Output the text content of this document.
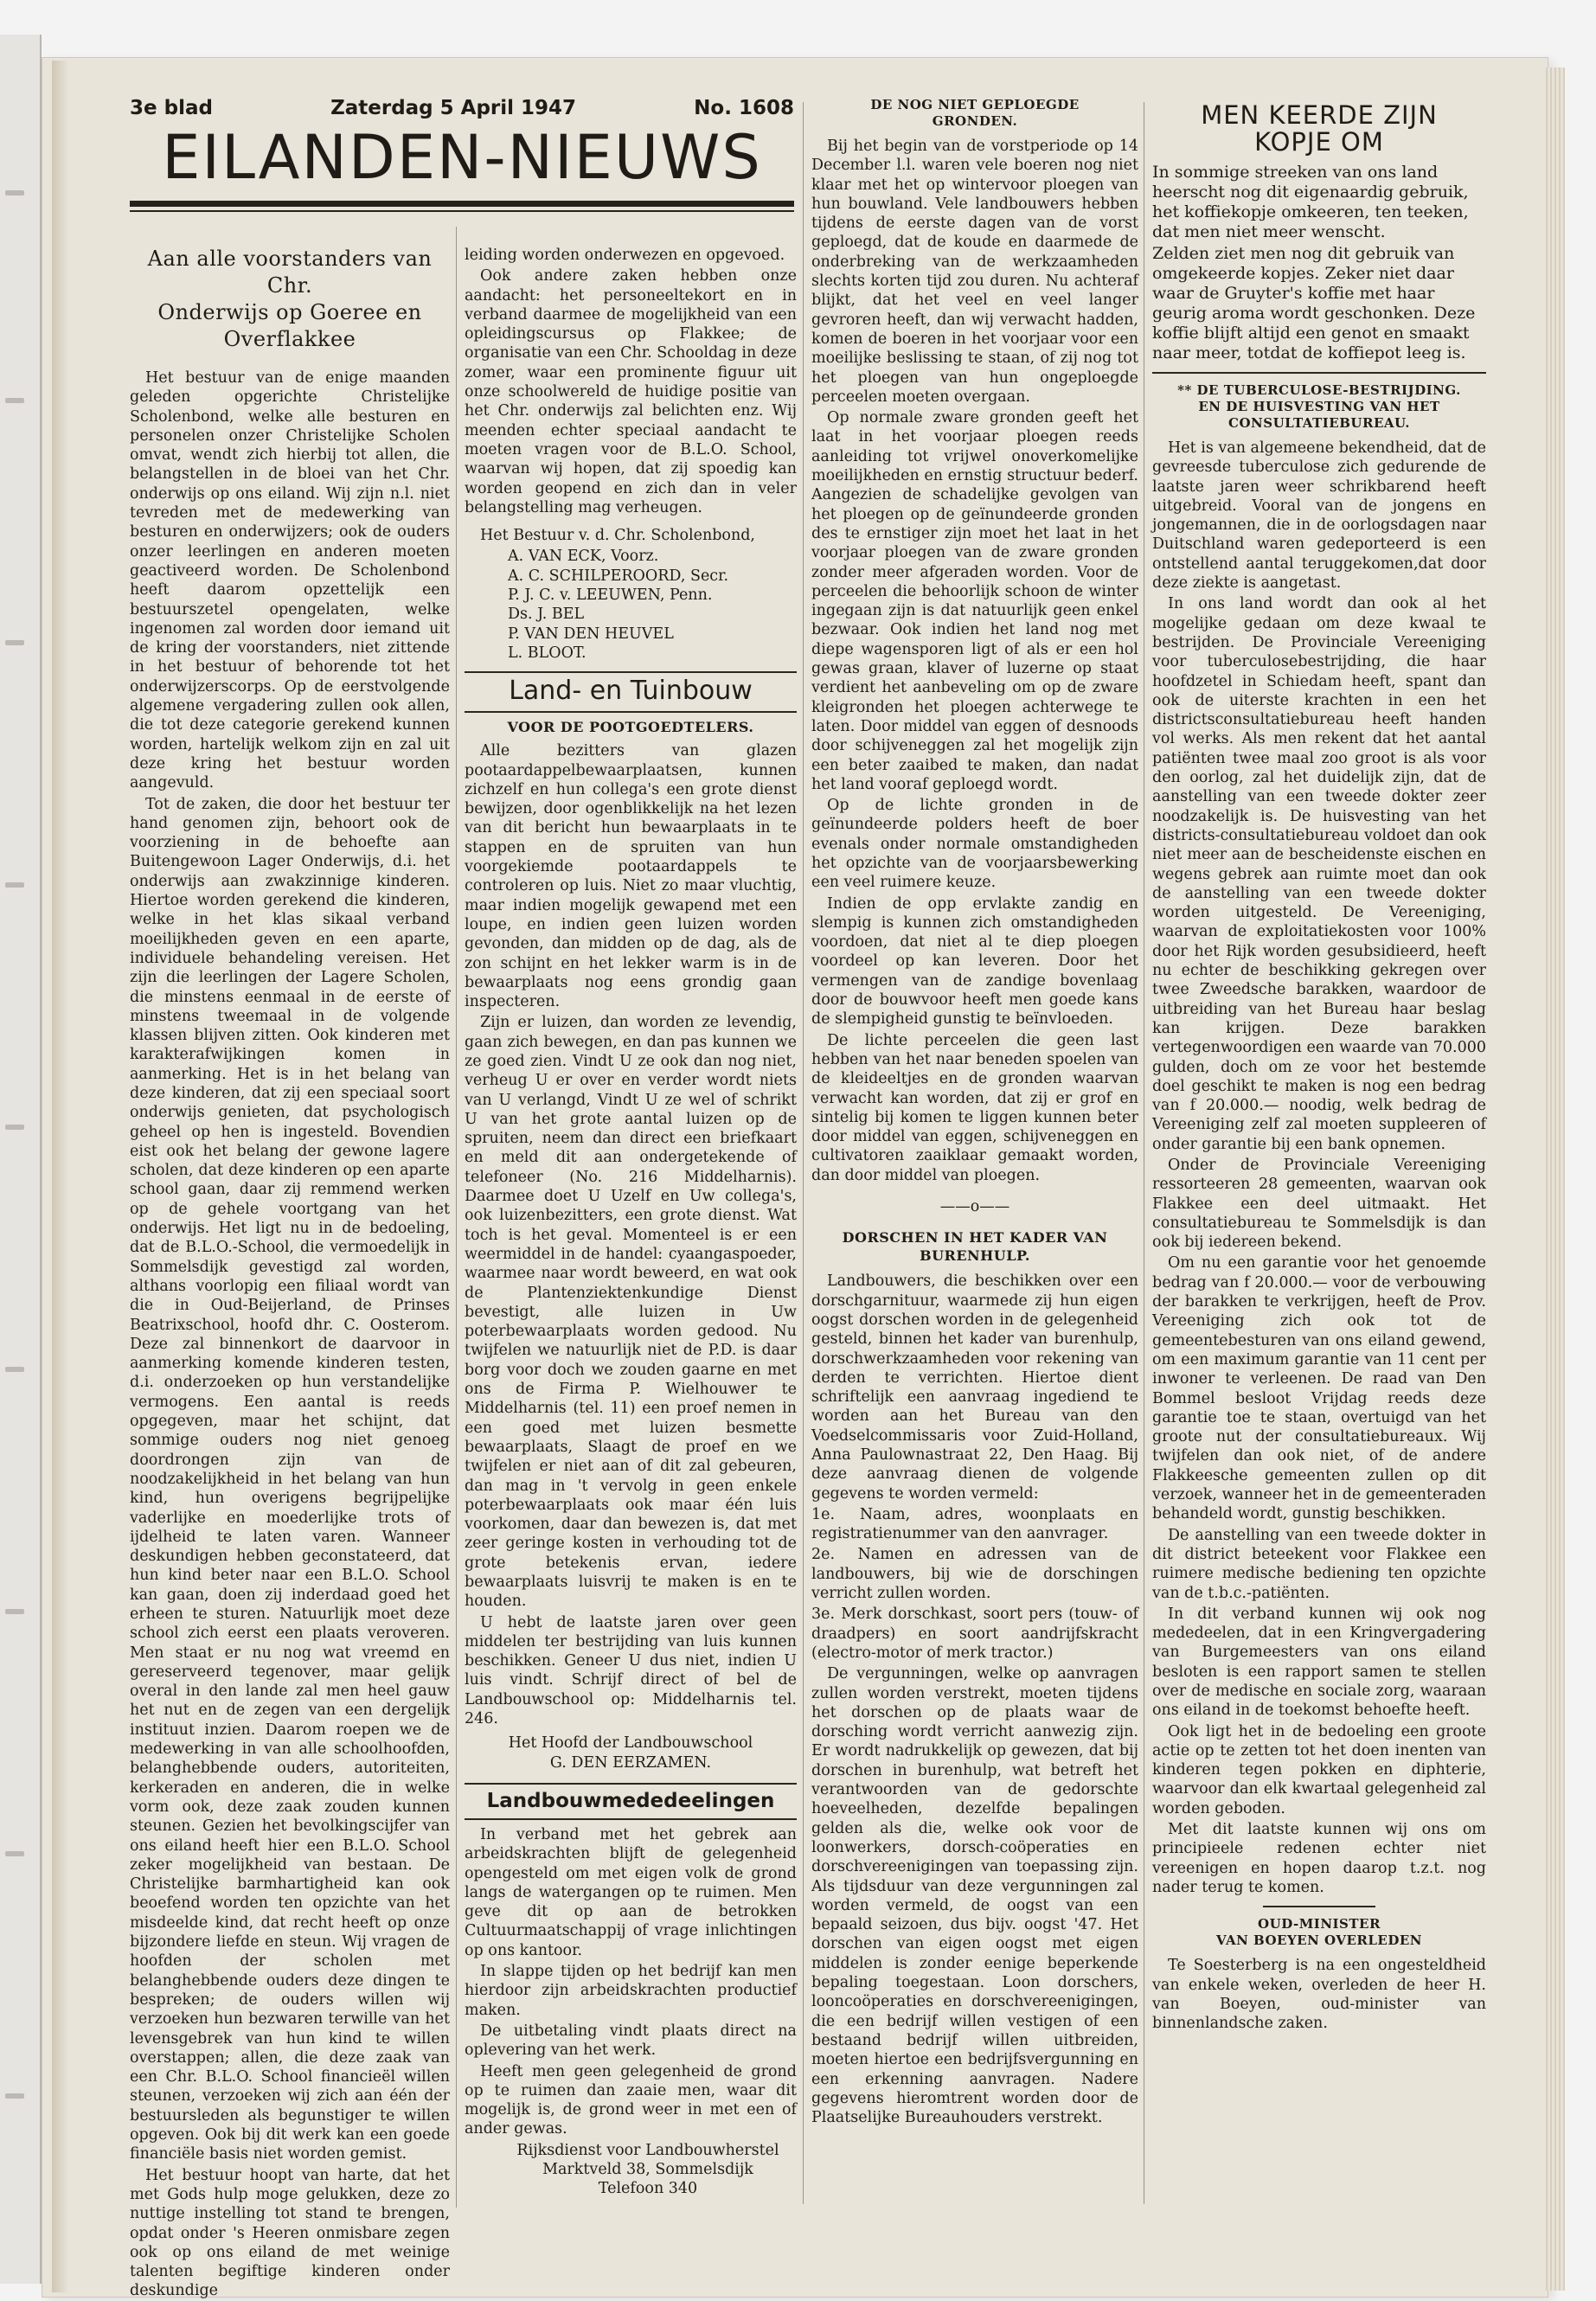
3e blad	Zaterdag 5 April 1947	No. 1608
EILANDEN-NIEUWS
Aan alle voorstanders van Chr.
Onderwijs op Goeree en
Overflakkee

Het bestuur van de enige maanden geleden opgerichte Christelijke Scholenbond, welke alle besturen en personelen onzer Christelijke Scholen omvat, wendt zich hierbij tot allen, die belangstellen in de bloei van het Chr. onderwijs op ons eiland. Wij zijn n.l. niet tevreden met de medewerking van besturen en onderwijzers; ook de ouders onzer leerlingen en anderen moeten geactiveerd worden. De Scholenbond heeft daarom opzettelijk een bestuurszetel opengelaten, welke ingenomen zal worden door iemand uit de kring der voorstanders, niet zittende in het bestuur of behorende tot het onderwijzerscorps. Op de eerstvolgende algemene vergadering zullen ook allen, die tot deze categorie gerekend kunnen worden, hartelijk welkom zijn en zal uit deze kring het bestuur worden aangevuld.

Tot de zaken, die door het bestuur ter hand genomen zijn, behoort ook de voorziening in de behoefte aan Buitengewoon Lager Onderwijs, d.i. het onderwijs aan zwakzinnige kinderen. Hiertoe worden gerekend die kinderen, welke in het klas sikaal verband moeilijkheden geven en een aparte, individuele behandeling vereisen. Het zijn die leerlingen der Lagere Scholen, die minstens eenmaal in de eerste of minstens tweemaal in de volgende klassen blijven zitten. Ook kinderen met karakterafwijkingen komen in aanmerking. Het is in het belang van deze kinderen, dat zij een speciaal soort onderwijs genieten, dat psychologisch geheel op hen is ingesteld. Bovendien eist ook het belang der gewone lagere scholen, dat deze kinderen op een aparte school gaan, daar zij remmend werken op de gehele voortgang van het onderwijs. Het ligt nu in de bedoeling, dat de B.L.O.-School, die vermoedelijk in Sommelsdijk gevestigd zal worden, althans voorlopig een filiaal wordt van die in Oud-Beijerland, de Prinses Beatrixschool, hoofd dhr. C. Oosterom. Deze zal binnenkort de daarvoor in aanmerking komende kinderen testen, d.i. onderzoeken op hun verstandelijke vermogens. Een aantal is reeds opgegeven, maar het schijnt, dat sommige ouders nog niet genoeg doordrongen zijn van de noodzakelijkheid in het belang van hun kind, hun overigens begrijpelijke vaderlijke en moederlijke trots of ijdelheid te laten varen. Wanneer deskundigen hebben geconstateerd, dat hun kind beter naar een B.L.O. School kan gaan, doen zij inderdaad goed het erheen te sturen. Natuurlijk moet deze school zich eerst een plaats veroveren. Men staat er nu nog wat vreemd en gereserveerd tegenover, maar gelijk overal in den lande zal men heel gauw het nut en de zegen van een dergelijk instituut inzien. Daarom roepen we de medewerking in van alle schoolhoofden, belanghebbende ouders, autoriteiten, kerkeraden en anderen, die in welke vorm ook, deze zaak zouden kunnen steunen. Gezien het bevolkingscijfer van ons eiland heeft hier een B.L.O. School zeker mogelijkheid van bestaan. De Christelijke barmhartigheid kan ook beoefend worden ten opzichte van het misdeelde kind, dat recht heeft op onze bijzondere liefde en steun. Wij vragen de hoofden der scholen met belanghebbende ouders deze dingen te bespreken; de ouders willen wij verzoeken hun bezwaren terwille van het levensgebrek van hun kind te willen overstappen; allen, die deze zaak van een Chr. B.L.O. School financieël willen steunen, verzoeken wij zich aan één der bestuursleden als begunstiger te willen opgeven. Ook bij dit werk kan een goede financiële basis niet worden gemist.

Het bestuur hoopt van harte, dat het met Gods hulp moge gelukken, deze zo nuttige instelling tot stand te brengen, opdat onder 's Heeren onmisbare zegen ook op ons eiland de met weinige talenten begiftige kinderen onder deskundige

leiding worden onderwezen en opgevoed.

Ook andere zaken hebben onze aandacht: het personeeltekort en in verband daarmee de mogelijkheid van een opleidingscursus op Flakkee; de organisatie van een Chr. Schooldag in deze zomer, waar een prominente figuur uit onze schoolwereld de huidige positie van het Chr. onderwijs zal belichten enz. Wij meenden echter speciaal aandacht te moeten vragen voor de B.L.O. School, waarvan wij hopen, dat zij spoedig kan worden geopend en zich dan in veler belangstelling mag verheugen.

Het Bestuur v. d. Chr. Scholenbond,

A. VAN ECK, Voorz.
A. C. SCHILPEROORD, Secr.
P. J. C. v. LEEUWEN, Penn.
Ds. J. BEL
P. VAN DEN HEUVEL
L. BLOOT.
Land- en Tuinbouw
VOOR DE POOTGOEDTELERS.

Alle bezitters van glazen pootaardappelbewaarplaatsen, kunnen zichzelf en hun collega's een grote dienst bewijzen, door ogenblikkelijk na het lezen van dit bericht hun bewaarplaats in te stappen en de spruiten van hun voorgekiemde pootaardappels te controleren op luis. Niet zo maar vluchtig, maar indien mogelijk gewapend met een loupe, en indien geen luizen worden gevonden, dan midden op de dag, als de zon schijnt en het lekker warm is in de bewaarplaats nog eens grondig gaan inspecteren.

Zijn er luizen, dan worden ze levendig, gaan zich bewegen, en dan pas kunnen we ze goed zien. Vindt U ze ook dan nog niet, verheug U er over en verder wordt niets van U verlangd, Vindt U ze wel of schrikt U van het grote aantal luizen op de spruiten, neem dan direct een briefkaart en meld dit aan ondergetekende of telefoneer (No. 216 Middelharnis). Daarmee doet U Uzelf en Uw collega's, ook luizenbezitters, een grote dienst. Wat toch is het geval. Momenteel is er een weermiddel in de handel: cyaangaspoeder, waarmee naar wordt beweerd, en wat ook de Plantenziektenkundige Dienst bevestigt, alle luizen in Uw poterbewaarplaats worden gedood. Nu twijfelen we natuurlijk niet de P.D. is daar borg voor doch we zouden gaarne en met ons de Firma P. Wielhouwer te Middelharnis (tel. 11) een proef nemen in een goed met luizen besmette bewaarplaats, Slaagt de proef en we twijfelen er niet aan of dit zal gebeuren, dan mag in 't vervolg in geen enkele poterbewaarplaats ook maar één luis voorkomen, daar dan bewezen is, dat met zeer geringe kosten in verhouding tot de grote betekenis ervan, iedere bewaarplaats luisvrij te maken is en te houden.

U hebt de laatste jaren over geen middelen ter bestrijding van luis kunnen beschikken. Geneer U dus niet, indien U luis vindt. Schrijf direct of bel de Landbouwschool op: Middelharnis tel. 246.

Het Hoofd der Landbouwschool
G. DEN EERZAMEN.
Landbouwmededeelingen

In verband met het gebrek aan arbeidskrachten blijft de gelegenheid opengesteld om met eigen volk de grond langs de watergangen op te ruimen. Men geve dit op aan de betrokken Cultuurmaatschappij of vrage inlichtingen op ons kantoor.

In slappe tijden op het bedrijf kan men hierdoor zijn arbeidskrachten productief maken.

De uitbetaling vindt plaats direct na oplevering van het werk.

Heeft men geen gelegenheid de grond op te ruimen dan zaaie men, waar dit mogelijk is, de grond weer in met een of ander gewas.

Rijksdienst voor Landbouwherstel
Marktveld 38, Sommelsdijk
Telefoon 340
DE NOG NIET GEPLOEGDE
GRONDEN.

Bij het begin van de vorstperiode op 14 December l.l. waren vele boeren nog niet klaar met het op wintervoor ploegen van hun bouwland. Vele landbouwers hebben tijdens de eerste dagen van de vorst geploegd, dat de koude en daarmede de onderbreking van de werkzaamheden slechts korten tijd zou duren. Nu achteraf blijkt, dat het veel en veel langer gevroren heeft, dan wij verwacht hadden, komen de boeren in het voorjaar voor een moeilijke beslissing te staan, of zij nog tot het ploegen van hun ongeploegde perceelen moeten overgaan.

Op normale zware gronden geeft het laat in het voorjaar ploegen reeds aanleiding tot vrijwel onoverkomelijke moeilijkheden en ernstig structuur bederf. Aangezien de schadelijke gevolgen van het ploegen op de geïnundeerde gronden des te ernstiger zijn moet het laat in het voorjaar ploegen van de zware gronden zonder meer afgeraden worden. Voor de perceelen die behoorlijk schoon de winter ingegaan zijn is dat natuurlijk geen enkel bezwaar. Ook indien het land nog met diepe wagensporen ligt of als er een hol gewas graan, klaver of luzerne op staat verdient het aanbeveling om op de zware kleigronden het ploegen achterwege te laten. Door middel van eggen of desnoods door schijveneggen zal het mogelijk zijn een beter zaaibed te maken, dan nadat het land vooraf geploegd wordt.

Op de lichte gronden in de geïnundeerde polders heeft de boer evenals onder normale omstandigheden het opzichte van de voorjaarsbewerking een veel ruimere keuze.

Indien de opp ervlakte zandig en slempig is kunnen zich omstandigheden voordoen, dat niet al te diep ploegen voordeel op kan leveren. Door het vermengen van de zandige bovenlaag door de bouwvoor heeft men goede kans de slempigheid gunstig te beïnvloeden.

De lichte perceelen die geen last hebben van het naar beneden spoelen van de kleideeltjes en de gronden waarvan verwacht kan worden, dat zij er grof en sintelig bij komen te liggen kunnen beter door middel van eggen, schijveneggen en cultivatoren zaaiklaar gemaakt worden, dan door middel van ploegen.

——o——
DORSCHEN IN HET KADER VAN
BURENHULP.

Landbouwers, die beschikken over een dorschgarnituur, waarmede zij hun eigen oogst dorschen worden in de gelegenheid gesteld, binnen het kader van burenhulp, dorschwerkzaamheden voor rekening van derden te verrichten. Hiertoe dient schriftelijk een aanvraag ingediend te worden aan het Bureau van den Voedselcommissaris voor Zuid-Holland, Anna Paulownastraat 22, Den Haag. Bij deze aanvraag dienen de volgende gegevens te worden vermeld:

1e. Naam, adres, woonplaats en registratienummer van den aanvrager.

2e. Namen en adressen van de landbouwers, bij wie de dorschingen verricht zullen worden.

3e. Merk dorschkast, soort pers (touw- of draadpers) en soort aandrijfskracht (electro-motor of merk tractor.)

De vergunningen, welke op aanvragen zullen worden verstrekt, moeten tijdens het dorschen op de plaats waar de dorsching wordt verricht aanwezig zijn. Er wordt nadrukkelijk op gewezen, dat bij dorschen in burenhulp, wat betreft het verantwoorden van de gedorschte hoeveelheden, dezelfde bepalingen gelden als die, welke ook voor de loonwerkers, dorsch-coöperaties en dorschvereenigingen van toepassing zijn. Als tijdsduur van deze vergunningen zal worden vermeld, de oogst van een bepaald seizoen, dus bijv. oogst '47. Het dorschen van eigen oogst met eigen middelen is zonder eenige beperkende bepaling toegestaan. Loon dorschers, looncoöperaties en dorschvereenigingen, die een bedrijf willen vestigen of een bestaand bedrijf willen uitbreiden, moeten hiertoe een bedrijfsvergunning en een erkenning aanvragen. Nadere gegevens hieromtrent worden door de Plaatselijke Bureauhouders verstrekt.

MEN KEERDE ZIJN
KOPJE OM

In sommige streeken van ons land heerscht nog dit eigenaardig gebruik, het koffiekopje omkeeren, ten teeken, dat men niet meer wenscht.

Zelden ziet men nog dit gebruik van omgekeerde kopjes. Zeker niet daar waar de Gruyter's koffie met haar geurig aroma wordt geschonken. Deze koffie blijft altijd een genot en smaakt naar meer, totdat de koffiepot leeg is.

** DE TUBERCULOSE-BESTRIJDING.
EN DE HUISVESTING VAN HET
CONSULTATIEBUREAU.

Het is van algemeene bekendheid, dat de gevreesde tuberculose zich gedurende de laatste jaren weer schrikbarend heeft uitgebreid. Vooral van de jongens en jongemannen, die in de oorlogsdagen naar Duitschland waren gedeporteerd is een ontstellend aantal teruggekomen,dat door deze ziekte is aangetast.

In ons land wordt dan ook al het mogelijke gedaan om deze kwaal te bestrijden. De Provinciale Vereeniging voor tuberculosebestrijding, die haar hoofdzetel in Schiedam heeft, spant dan ook de uiterste krachten in een het districtsconsultatiebureau heeft handen vol werks. Als men rekent dat het aantal patiënten twee maal zoo groot is als voor den oorlog, zal het duidelijk zijn, dat de aanstelling van een tweede dokter zeer noodzakelijk is. De huisvesting van het districts-consultatiebureau voldoet dan ook niet meer aan de bescheidenste eischen en wegens gebrek aan ruimte moet dan ook de aanstelling van een tweede dokter worden uitgesteld. De Vereeniging, waarvan de exploitatiekosten voor 100% door het Rijk worden gesubsidieerd, heeft nu echter de beschikking gekregen over twee Zweedsche barakken, waardoor de uitbreiding van het Bureau haar beslag kan krijgen. Deze barakken vertegenwoordigen een waarde van 70.000 gulden, doch om ze voor het bestemde doel geschikt te maken is nog een bedrag van f 20.000.— noodig, welk bedrag de Vereeniging zelf zal moeten suppleeren of onder garantie bij een bank opnemen.

Onder de Provinciale Vereeniging ressorteeren 28 gemeenten, waarvan ook Flakkee een deel uitmaakt. Het consultatiebureau te Sommelsdijk is dan ook bij iedereen bekend.

Om nu een garantie voor het genoemde bedrag van f 20.000.— voor de verbouwing der barakken te verkrijgen, heeft de Prov. Vereeniging zich ook tot de gemeentebesturen van ons eiland gewend, om een maximum garantie van 11 cent per inwoner te verleenen. De raad van Den Bommel besloot Vrijdag reeds deze garantie toe te staan, overtuigd van het groote nut der consultatiebureaux. Wij twijfelen dan ook niet, of de andere Flakkeesche gemeenten zullen op dit verzoek, wanneer het in de gemeenteraden behandeld wordt, gunstig beschikken.

De aanstelling van een tweede dokter in dit district beteekent voor Flakkee een ruimere medische bediening ten opzichte van de t.b.c.-patiënten.

In dit verband kunnen wij ook nog mededeelen, dat in een Kringvergadering van Burgemeesters van ons eiland besloten is een rapport samen te stellen over de medische en sociale zorg, waaraan ons eiland in de toekomst behoefte heeft.

Ook ligt het in de bedoeling een groote actie op te zetten tot het doen inenten van kinderen tegen pokken en diphterie, waarvoor dan elk kwartaal gelegenheid zal worden geboden.

Met dit laatste kunnen wij ons om principieele redenen echter niet vereenigen en hopen daarop t.z.t. nog nader terug te komen.

OUD-MINISTER
VAN BOEYEN OVERLEDEN

Te Soesterberg is na een ongesteldheid van enkele weken, overleden de heer H. van Boeyen, oud-minister van binnenlandsche zaken.
